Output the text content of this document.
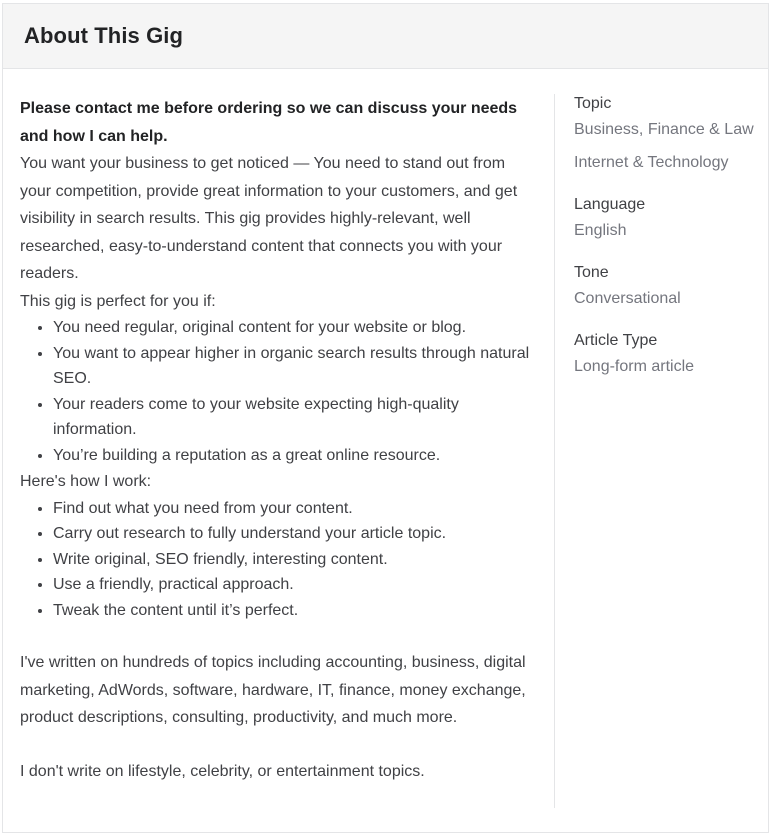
About This Gig

Please contact me before ordering so we can discuss your needs and how I can help.

You want your business to get noticed — You need to stand out from your competition, provide great information to your customers, and get visibility in search results. This gig provides highly-relevant, well researched, easy-to-understand content that connects you with your readers.

This gig is perfect for you if:

• You need regular, original content for your website or blog.
• You want to appear higher in organic search results through natural SEO.
• Your readers come to your website expecting high-quality information.
• You’re building a reputation as a great online resource.

Here's how I work:

• Find out what you need from your content.
• Carry out research to fully understand your article topic.
• Write original, SEO friendly, interesting content.
• Use a friendly, practical approach.
• Tweak the content until it’s perfect.

I've written on hundreds of topics including accounting, business, digital marketing, AdWords, software, hardware, IT, finance, money exchange, product descriptions, consulting, productivity, and much more.

I don't write on lifestyle, celebrity, or entertainment topics.

Topic
Business, Finance & Law
Internet & Technology
Language
English
Tone
Conversational
Article Type
Long-form article
